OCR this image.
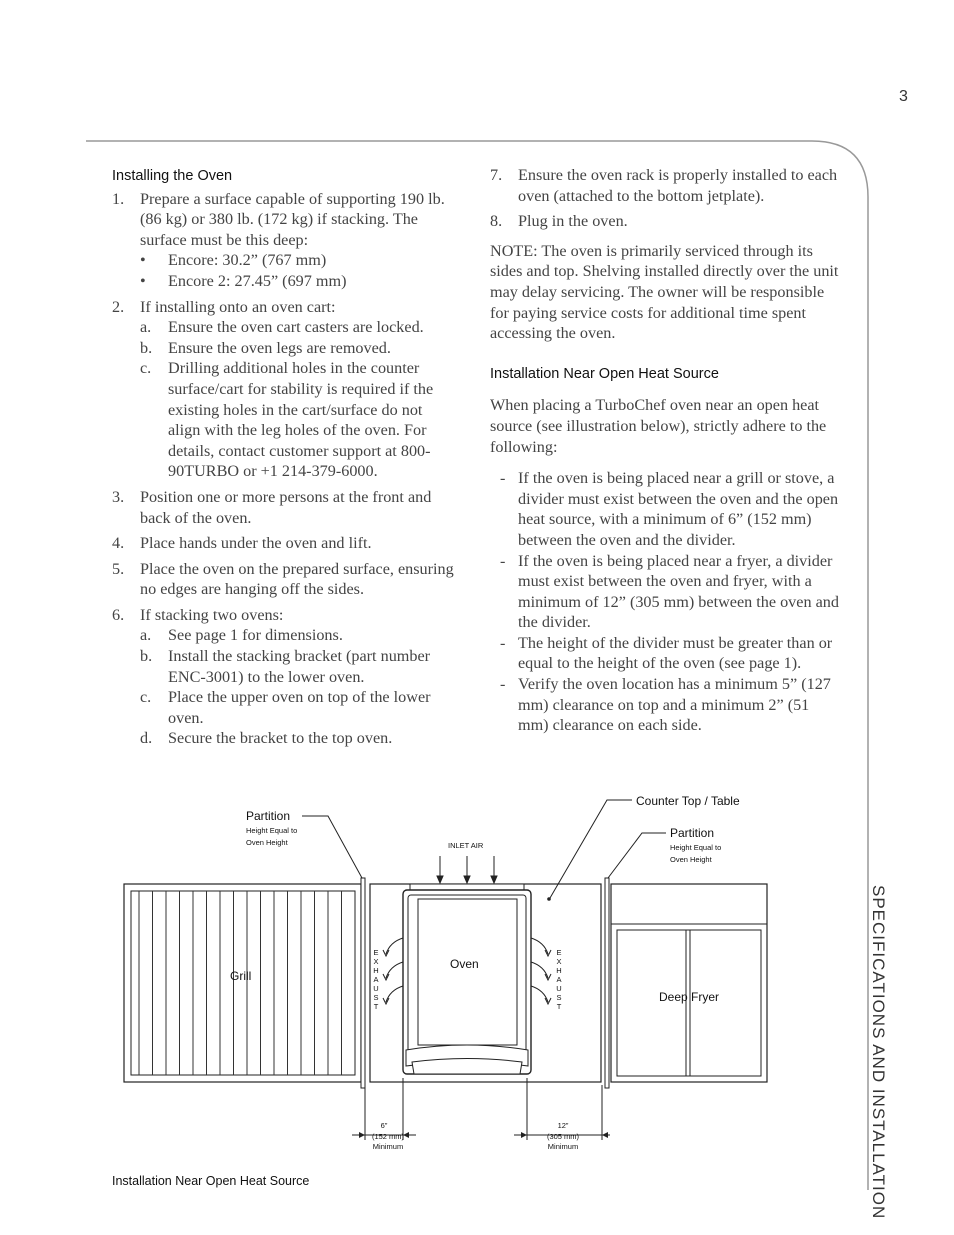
3
SPECIFICATIONS AND INSTALLATION
Installing the Oven
1. Prepare a surface capable of supporting 190 lb. (86 kg) or 380 lb. (172 kg) if stacking. The surface must be this deep:
• Encore: 30.2” (767 mm)
• Encore 2: 27.45” (697 mm)
2. If installing onto an oven cart:
a. Ensure the oven cart casters are locked.
b. Ensure the oven legs are removed.
c. Drilling additional holes in the counter surface/cart for stability is required if the existing holes in the cart/surface do not align with the leg holes of the oven. For details, contact customer support at 800-90TURBO or +1 214-379-6000.
3. Position one or more persons at the front and back of the oven.
4. Place hands under the oven and lift.
5. Place the oven on the prepared surface, ensuring no edges are hanging off the sides.
6. If stacking two ovens:
a. See page 1 for dimensions.
b. Install the stacking bracket (part number ENC-3001) to the lower oven.
c. Place the upper oven on top of the lower oven.
d. Secure the bracket to the top oven.
7. Ensure the oven rack is properly installed to each oven (attached to the bottom jetplate).
8. Plug in the oven.

NOTE: The oven is primarily serviced through its sides and top. Shelving installed directly over the unit may delay servicing. The owner will be responsible for paying service costs for additional time spent accessing the oven.

Installation Near Open Heat Source

When placing a TurboChef oven near an open heat source (see illustration below), strictly adhere to the following:

- If the oven is being placed near a grill or stove, a divider must exist between the oven and the open heat source, with a minimum of 6” (152 mm) between the oven and the divider.
- If the oven is being placed near a fryer, a divider must exist between the oven and fryer, with a minimum of 12” (305 mm) between the oven and the divider.
- The height of the divider must be greater than or equal to the height of the oven (see page 1).
- Verify the oven location has a minimum 5” (127 mm) clearance on top and a minimum 2” (51 mm) clearance on each side.
Grill
Partition
Height Equal to
Oven Height
Counter Top / Table
Oven
INLET AIR
E
X
H
A
U
S
T
E
X
H
A
U
S
T
Partition
Height Equal to
Oven Height
Deep Fryer
6”
(152 mm)
Minimum
12”
(305 mm)
Minimum
Installation Near Open Heat Source
